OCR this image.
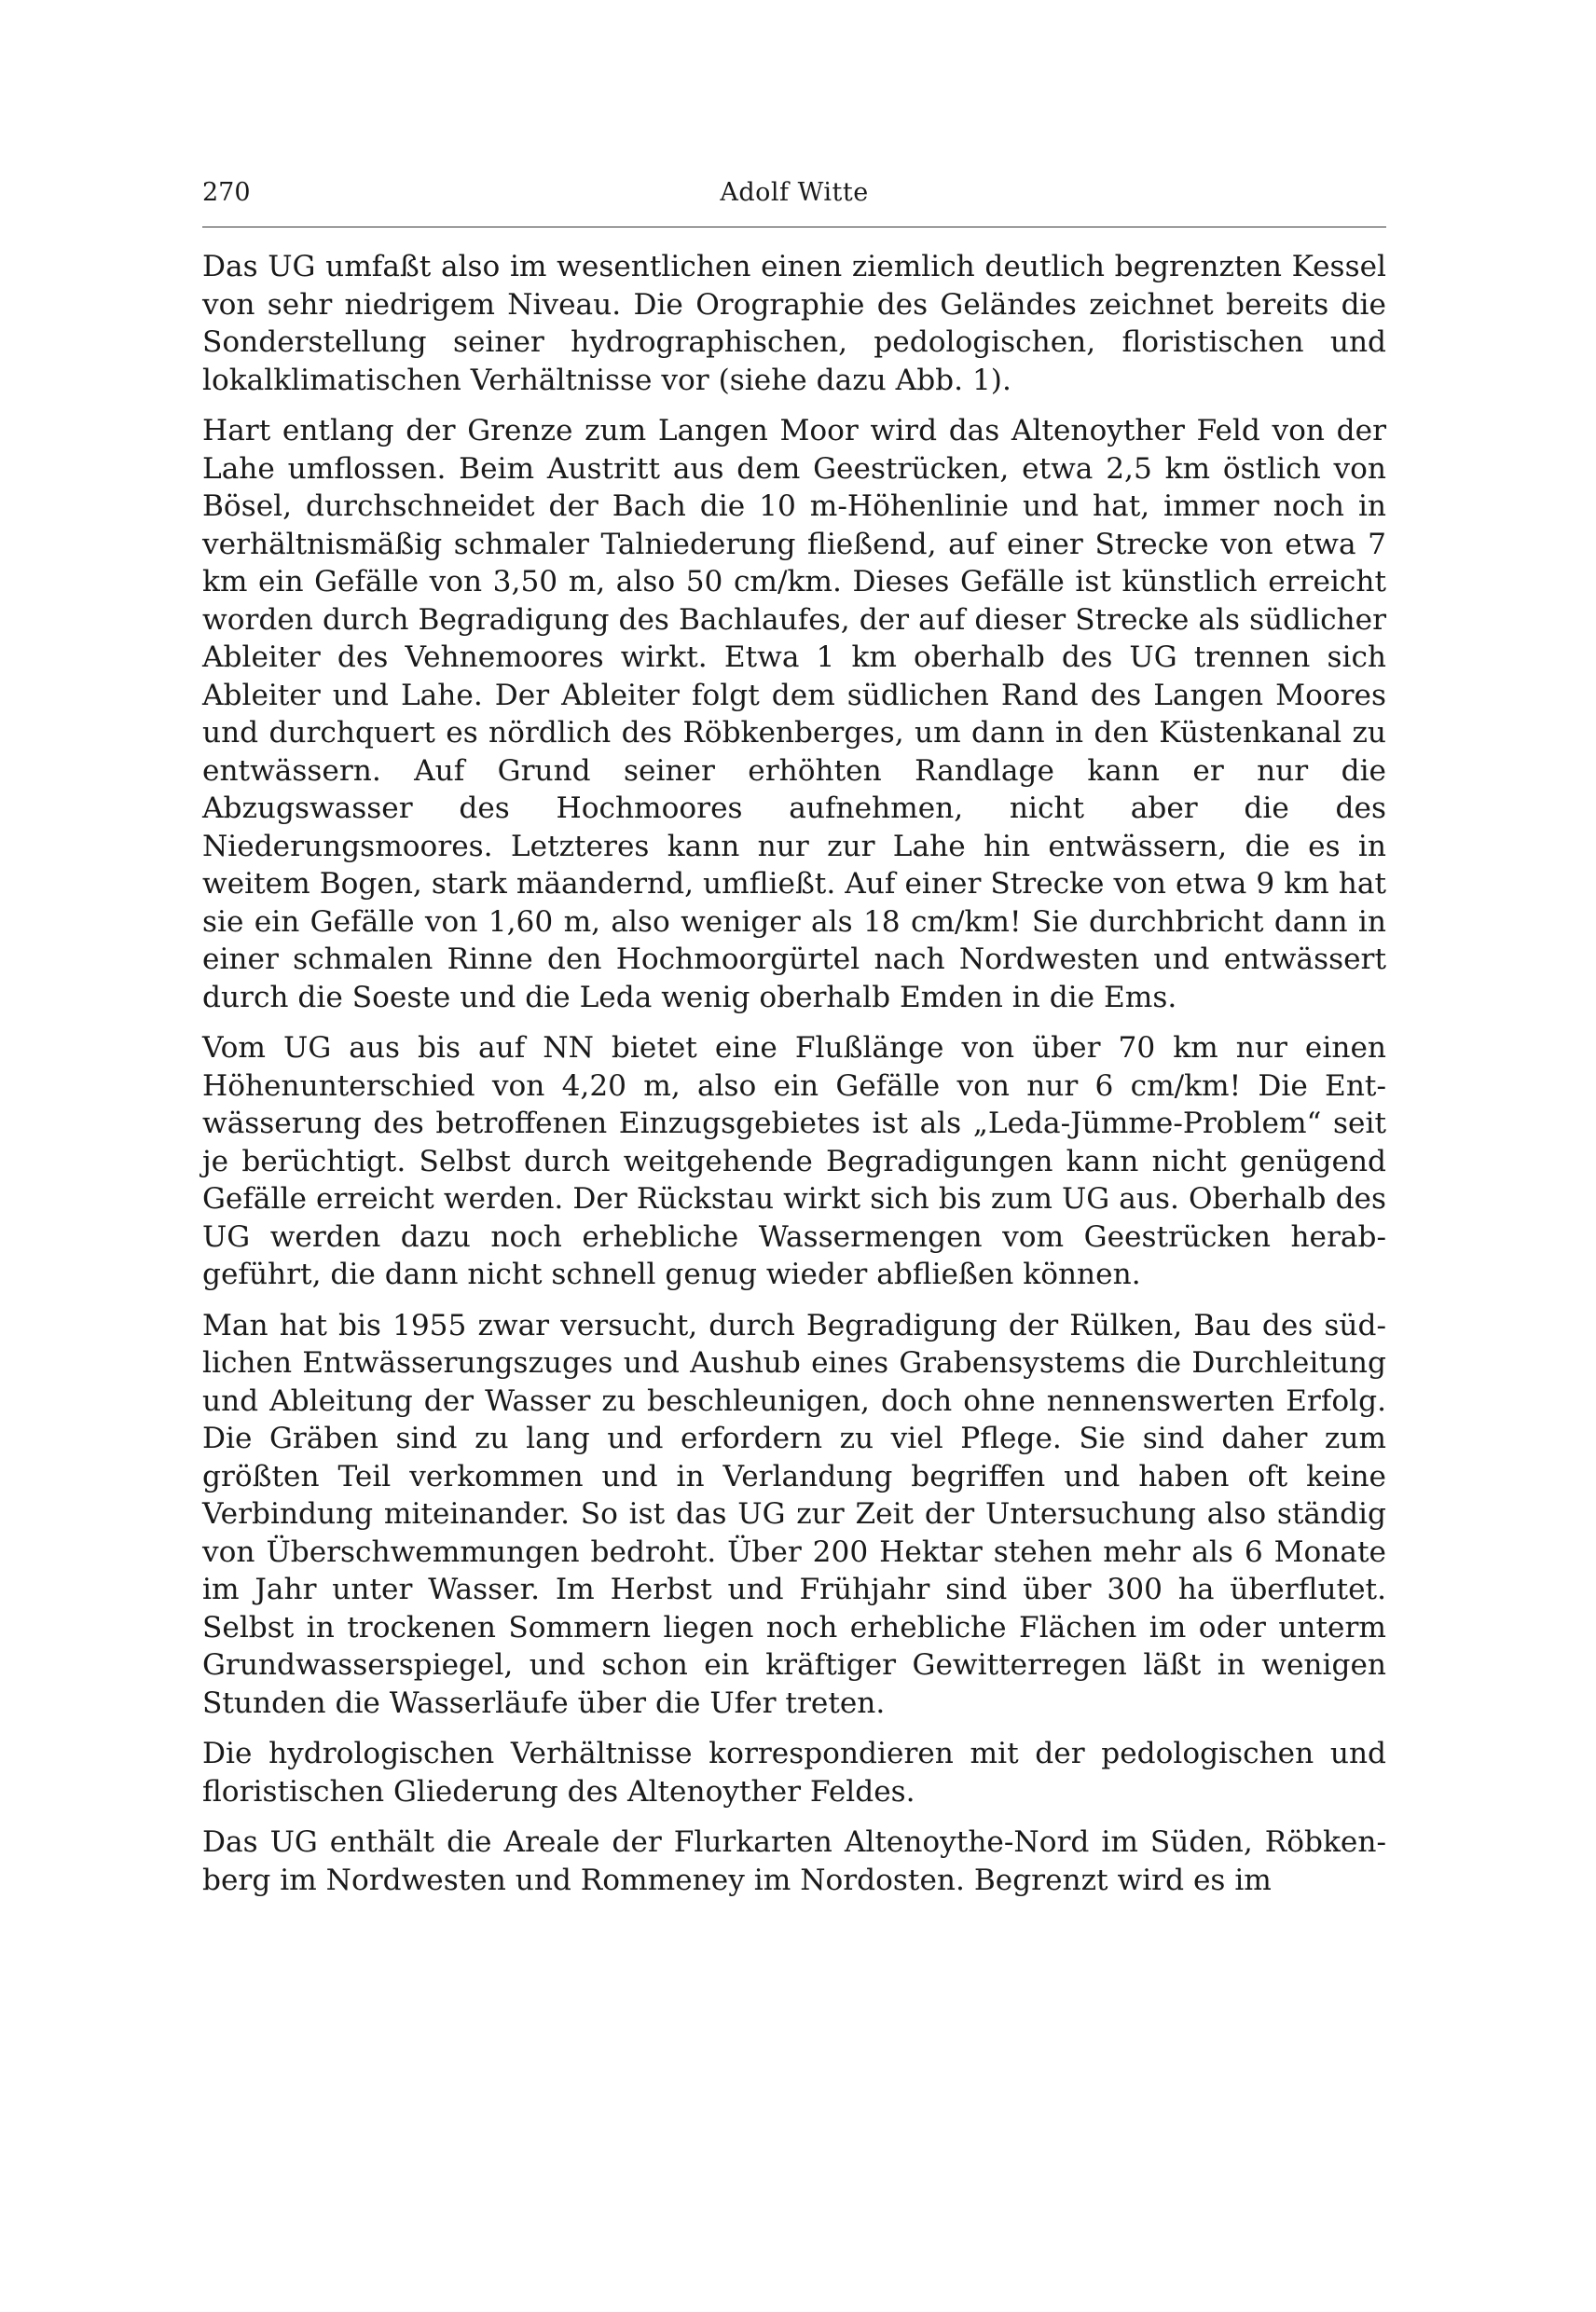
270	Adolf Witte

Das UG umfaßt also im wesentlichen einen ziemlich deutlich begrenzten Kessel von sehr niedrigem Niveau. Die Orographie des Geländes zeichnet bereits die Sonderstellung seiner hydrographischen, pedologischen, floristischen und lokalklimatischen Verhältnisse vor (siehe dazu Abb. 1).

Hart entlang der Grenze zum Langen Moor wird das Altenoyther Feld von der Lahe umflossen. Beim Austritt aus dem Geestrücken, etwa 2,5 km östlich von Bösel, durchschneidet der Bach die 10 m-Höhenlinie und hat, immer noch in verhältnismäßig schmaler Talniederung fließend, auf einer Strecke von etwa 7 km ein Gefälle von 3,50 m, also 50 cm/km. Dieses Gefälle ist künstlich erreicht worden durch Begradigung des Bachlaufes, der auf dieser Strecke als südlicher Ableiter des Vehnemoores wirkt. Etwa 1 km oberhalb des UG trennen sich Ableiter und Lahe. Der Ableiter folgt dem südlichen Rand des Langen Moores und durchquert es nördlich des Röbkenberges, um dann in den Küstenkanal zu entwässern. Auf Grund seiner erhöhten Randlage kann er nur die Abzugswasser des Hochmoores aufnehmen, nicht aber die des Niederungsmoores. Letzteres kann nur zur Lahe hin entwässern, die es in weitem Bogen, stark mäandernd, umfließt. Auf einer Strecke von etwa 9 km hat sie ein Gefälle von 1,60 m, also weniger als 18 cm/km! Sie durchbricht dann in einer schmalen Rinne den Hochmoorgürtel nach Nordwesten und entwässert durch die Soeste und die Leda wenig oberhalb Emden in die Ems.

Vom UG aus bis auf NN bietet eine Flußlänge von über 70 km nur einen Höhenunterschied von 4,20 m, also ein Gefälle von nur 6 cm/km! Die Entwässerung des betroffenen Einzugsgebietes ist als „Leda-Jümme-Problem“ seit je berüchtigt. Selbst durch weitgehende Begradigungen kann nicht genügend Gefälle erreicht werden. Der Rückstau wirkt sich bis zum UG aus. Oberhalb des UG werden dazu noch erhebliche Wassermengen vom Geestrücken herabgeführt, die dann nicht schnell genug wieder abfließen können.

Man hat bis 1955 zwar versucht, durch Begradigung der Rülken, Bau des südlichen Entwässerungszuges und Aushub eines Grabensystems die Durchleitung und Ableitung der Wasser zu beschleunigen, doch ohne nennenswerten Erfolg. Die Gräben sind zu lang und erfordern zu viel Pflege. Sie sind daher zum größten Teil verkommen und in Verlandung begriffen und haben oft keine Verbindung miteinander. So ist das UG zur Zeit der Untersuchung also ständig von Überschwemmungen bedroht. Über 200 Hektar stehen mehr als 6 Monate im Jahr unter Wasser. Im Herbst und Frühjahr sind über 300 ha überflutet. Selbst in trockenen Sommern liegen noch erhebliche Flächen im oder unterm Grundwasserspiegel, und schon ein kräftiger Gewitterregen läßt in wenigen Stunden die Wasserläufe über die Ufer treten.

Die hydrologischen Verhältnisse korrespondieren mit der pedologischen und floristischen Gliederung des Altenoyther Feldes.

Das UG enthält die Areale der Flurkarten Altenoythe-Nord im Süden, Röbkenberg im Nordwesten und Rommeney im Nordosten. Begrenzt wird es im
